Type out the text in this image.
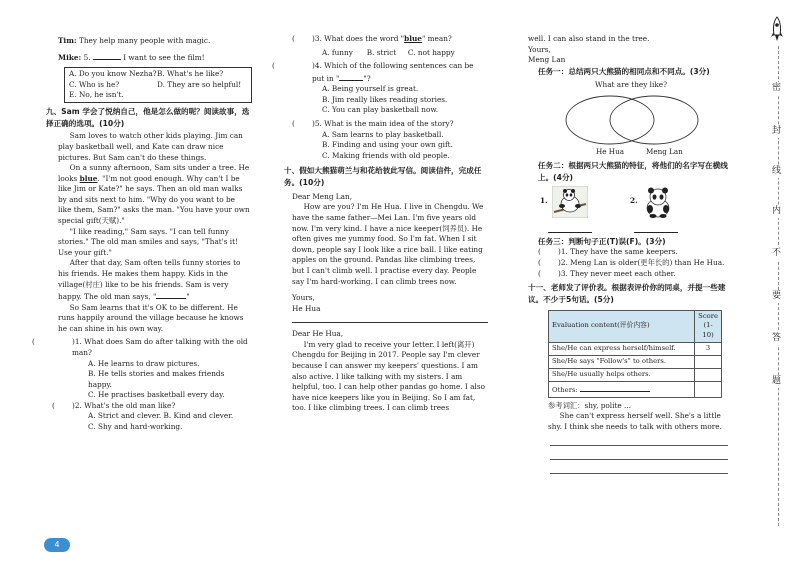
Tim: They help many people with magic.

Mike: 5.	I want to see the film!

A. Do you know Nezha? B. What's he like?
C. Who is he?	D. They are so helpful!
E. No, he isn't.

九、Sam 学会了悦纳自己，他是怎么做的呢？阅读故事，选择正确的选项。(10分)

Sam loves to watch other kids playing. Jim can play basketball well, and Kate can draw nice pictures. But Sam can't do these things.

On a sunny afternoon, Sam sits under a tree. He looks blue. "I'm not good enough. Why can't I be like Jim or Kate?" he says. Then an old man walks by and sits next to him. "Why do you want to be like them, Sam?" asks the man. "You have your own special gift(天赋)."

"I like reading," Sam says. "I can tell funny stories." The old man smiles and says, "That's it! Use your gift."

After that day, Sam often tells funny stories to his friends. He makes them happy. Kids in the village(村庄) like to be his friends. Sam is very happy. The old man says, "	"

So Sam learns that it's OK to be different. He runs happily around the village because he knows he can shine in his own way.

(	)1. What does Sam do after talking with the old man?

A. He learns to draw pictures.

B. He tells stories and makes friends happy.

C. He practises basketball every day.

( )2. What's the old man like?

A. Strict and clever. B. Kind and clever.

C. Shy and hard-working.

4

( )3. What does the word "blue" mean?

A. funny B. strict C. not happy

(	)4. Which of the following sentences can be put in "	"?

A. Being yourself is great.

B. Jim really likes reading stories.

C. You can play basketball now.

( )5. What is the main idea of the story?

A. Sam learns to play basketball.

B. Finding and using your own gift.

C. Making friends with old people.

十、假如大熊猫萌兰与和花给彼此写信。阅读信件，完成任务。(10分)

Dear Meng Lan,

How are you? I'm He Hua. I live in Chengdu. We have the same father—Mei Lan. I'm five years old now. I'm very kind. I have a nice keeper(饲养员). He often gives me yummy food. So I'm fat. When I sit down, people say I look like a rice ball. I like eating apples on the ground. Pandas like climbing trees, but I can't climb well. I practise every day. People say I'm hard-working. I can climb trees now.

Yours,

He Hua

Dear He Hua,

I'm very glad to receive your letter. I left(离开) Chengdu for Beijing in 2017. People say I'm clever because I can answer my keepers' questions. I am also active. I like talking with my sisters. I am helpful, too. I can help other pandas go home. I also have nice keepers like you in Beijing. So I am fat, too. I like climbing trees. I can climb trees

well. I can also stand in the tree.

Yours,

Meng Lan

任务一：总结两只大熊猫的相同点和不同点。(3分)

What are they like?

He Hua	Meng Lan

任务二：根据两只大熊猫的特征，将他们的名字写在横线上。(4分)

1.	2.

任务三：判断句子正(T)误(F)。(3分)

( )1. They have the same keepers.

( )2. Meng Lan is older(更年长的) than He Hua.

( )3. They never meet each other.

十一、老师发了评价表。根据表评价你的同桌，并提一些建议。不少于5句话。(5分)

Evaluation content(评价内容)	Score (1-10)
She/He can express herself/himself.	3
She/He says "Follow's" to others.	
She/He usually helps others.	
Others:	

参考词汇：shy, polite ...

She can't express herself well. She's a little shy. I think she needs to talk with others more.

密
封
线
内
不
要
答
题
